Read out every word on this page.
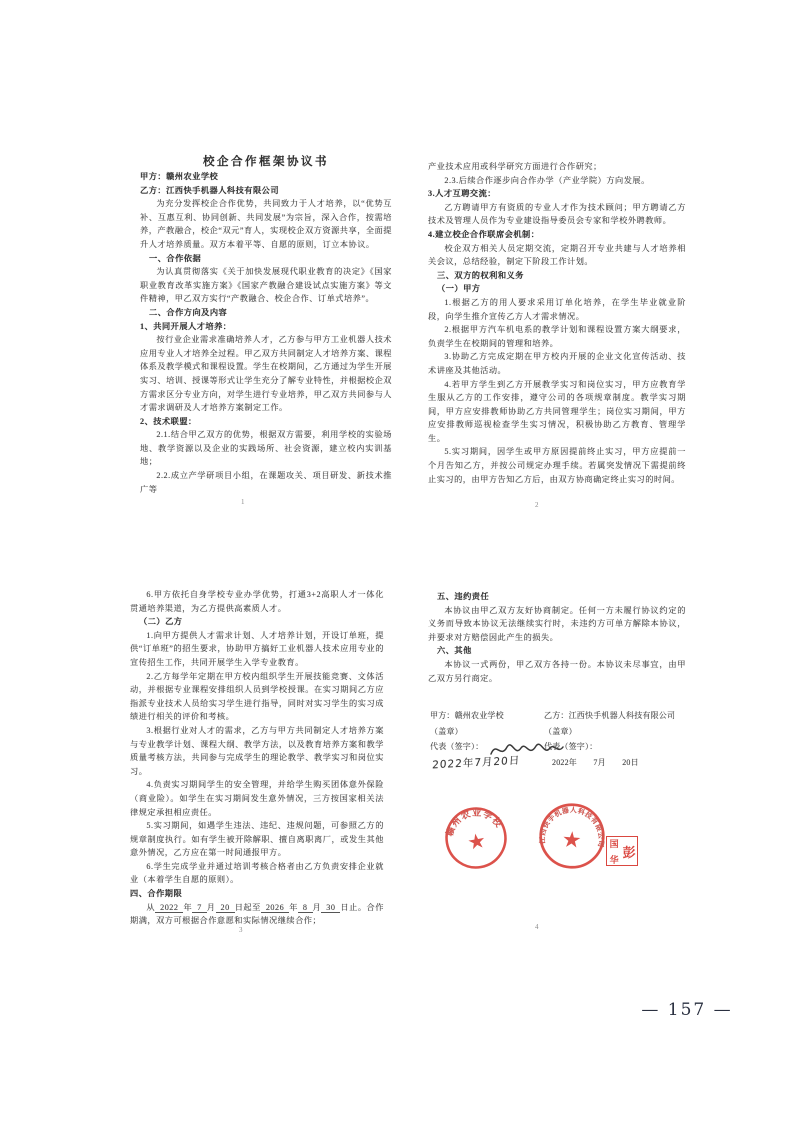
校企合作框架协议书

甲方：赣州农业学校

乙方：江西快手机器人科技有限公司

为充分发挥校企合作优势，共同致力于人才培养，以“优势互补、互惠互利、协同创新、共同发展”为宗旨，深入合作，按需培养，产教融合，校企“双元”育人，实现校企双方资源共享，全面提升人才培养质量。双方本着平等、自愿的原则，订立本协议。

一、合作依据

为认真贯彻落实《关于加快发展现代职业教育的决定》《国家职业教育改革实施方案》《国家产教融合建设试点实施方案》等文件精神，甲乙双方实行“产教融合、校企合作、订单式培养”。

二、合作方向及内容

1、共同开展人才培养：

按行业企业需求准确培养人才，乙方参与甲方工业机器人技术应用专业人才培养全过程。甲乙双方共同制定人才培养方案、课程体系及教学模式和课程设置。学生在校期间，乙方通过为学生开展实习、培训、授课等形式让学生充分了解专业特性，并根据校企双方需求区分专业方向，对学生进行专业培养，甲乙双方共同参与人才需求调研及人才培养方案制定工作。

2、技术联盟：

2.1.结合甲乙双方的优势，根据双方需要，利用学校的实验场地、教学资源以及企业的实践场所、社会资源，建立校内实训基地；

2.2.成立产学研项目小组，在课题攻关、项目研发、新技术推广等

1

产业技术应用或科学研究方面进行合作研究；

2.3.后续合作逐步向合作办学（产业学院）方向发展。

3.人才互聘交流：

乙方聘请甲方有资质的专业人才作为技术顾问；甲方聘请乙方技术及管理人员作为专业建设指导委员会专家和学校外聘教师。

4.建立校企合作联席会机制：

校企双方相关人员定期交流，定期召开专业共建与人才培养相关会议，总结经验，制定下阶段工作计划。

三、双方的权利和义务

（一）甲方

1.根据乙方的用人要求采用订单化培养，在学生毕业就业阶段，向学生推介宣传乙方人才需求情况。

2.根据甲方汽车机电系的教学计划和课程设置方案大纲要求，负责学生在校期间的管理和培养。

3.协助乙方完成定期在甲方校内开展的企业文化宣传活动、技术讲座及其他活动。

4.若甲方学生到乙方开展教学实习和岗位实习，甲方应教育学生服从乙方的工作安排，遵守公司的各项规章制度。教学实习期间，甲方应安排教师协助乙方共同管理学生；岗位实习期间，甲方应安排教师巡视检查学生实习情况，积极协助乙方教育、管理学生。

5.实习期间，因学生或甲方原因提前终止实习，甲方应提前一个月告知乙方，并按公司规定办理手续。若属突发情况下需提前终止实习的，由甲方告知乙方后，由双方协商确定终止实习的时间。

2

6.甲方依托自身学校专业办学优势，打通3+2高职人才一体化贯通培养渠道，为乙方提供高素质人才。

（二）乙方

1.向甲方提供人才需求计划、人才培养计划，开设订单班，提供“订单班”的招生要求，协助甲方搞好工业机器人技术应用专业的宣传招生工作，共同开展学生入学专业教育。

2.乙方每学年定期在甲方校内组织学生开展技能竞赛、文体活动，并根据专业课程安排组织人员到学校授课。在实习期间乙方应指派专业技术人员给实习学生进行指导，同时对实习学生的实习成绩进行相关的评价和考核。

3.根据行业对人才的需求，乙方与甲方共同制定人才培养方案与专业教学计划、课程大纲、教学方法，以及教育培养方案和教学质量考核方法，共同参与完成学生的理论教学、教学实习和岗位实习。

4.负责实习期间学生的安全管理，并给学生购买团体意外保险（商业险）。如学生在实习期间发生意外情况，三方按国家相关法律规定承担相应责任。

5.实习期间，如遇学生违法、违纪、违规问题，可参照乙方的规章制度执行。如有学生被开除解职、擅自离职离厂，或发生其他意外情况，乙方应在第一时间通报甲方。

6.学生完成学业并通过培训考核合格者由乙方负责安排企业就业（本着学生自愿的原则）。

四、合作期限

从 2022 年 7 月 20 日起至 2026 年 8 月 30 日止。合作期满，双方可根据合作意愿和实际情况继续合作；

3

五、违约责任

本协议由甲乙双方友好协商制定。任何一方未履行协议约定的义务而导致本协议无法继续实行时，未违约方可单方解除本协议，并要求对方赔偿因此产生的损失。

六、其他

本协议一式两份，甲乙双方各持一份。本协议未尽事宜，由甲乙双方另行商定。

甲方：赣州农业学校

（盖章）

代表（签字）：

2022年7月20日

乙方：江西快手机器人科技有限公司

（盖章）

代表（签字）：

2022年　　7月　　20日

赣州农业学校
江西快手机器人科技有限公司
彭
国
华
4
— 157 —
